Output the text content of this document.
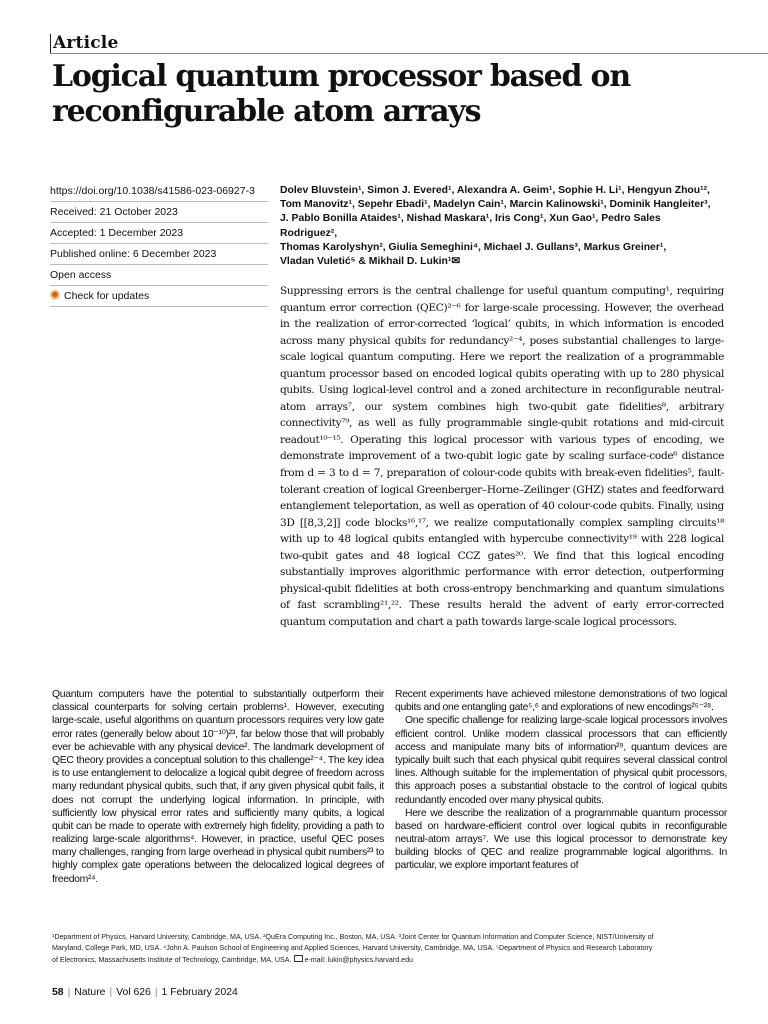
Article
Logical quantum processor based on
reconfigurable atom arrays
https://doi.org/10.1038/s41586-023-06927-3
Received: 21 October 2023
Accepted: 1 December 2023
Published online: 6 December 2023
Open access
Check for updates
Dolev Bluvstein¹, Simon J. Evered¹, Alexandra A. Geim¹, Sophie H. Li¹, Hengyun Zhou¹²,
Tom Manovitz¹, Sepehr Ebadi¹, Madelyn Cain¹, Marcin Kalinowski¹, Dominik Hangleiter³,
J. Pablo Bonilla Ataides¹, Nishad Maskara¹, Iris Cong¹, Xun Gao¹, Pedro Sales Rodriguez²,
Thomas Karolyshyn², Giulia Semeghini⁴, Michael J. Gullans³, Markus Greiner¹,
Vladan Vuletić⁵ & Mikhail D. Lukin¹✉

Suppressing errors is the central challenge for useful quantum computing¹, requiring quantum error correction (QEC)²⁻⁶ for large-scale processing. However, the overhead in the realization of error-corrected ‘logical’ qubits, in which information is encoded across many physical qubits for redundancy²⁻⁴, poses substantial challenges to large-scale logical quantum computing. Here we report the realization of a programmable quantum processor based on encoded logical qubits operating with up to 280 physical qubits. Using logical-level control and a zoned architecture in reconfigurable neutral-atom arrays⁷, our system combines high two-qubit gate fidelities⁸, arbitrary connectivity⁷⁹, as well as fully programmable single-qubit rotations and mid-circuit readout¹⁰⁻¹⁵. Operating this logical processor with various types of encoding, we demonstrate improvement of a two-qubit logic gate by scaling surface-code⁶ distance from d = 3 to d = 7, preparation of colour-code qubits with break-even fidelities⁵, fault-tolerant creation of logical Greenberger–Horne–Zeilinger (GHZ) states and feedforward entanglement teleportation, as well as operation of 40 colour-code qubits. Finally, using 3D [[8,3,2]] code blocks¹⁶,¹⁷, we realize computationally complex sampling circuits¹⁸ with up to 48 logical qubits entangled with hypercube connectivity¹⁹ with 228 logical two-qubit gates and 48 logical CCZ gates²⁰. We find that this logical encoding substantially improves algorithmic performance with error detection, outperforming physical-qubit fidelities at both cross-entropy benchmarking and quantum simulations of fast scrambling²¹,²². These results herald the advent of early error-corrected quantum computation and chart a path towards large-scale logical processors.

Quantum computers have the potential to substantially outperform their classical counterparts for solving certain problems¹. However, executing large-scale, useful algorithms on quantum processors requires very low gate error rates (generally below about 10⁻¹⁰)²³, far below those that will probably ever be achievable with any physical device². The landmark development of QEC theory provides a conceptual solution to this challenge²⁻⁴. The key idea is to use entanglement to delocalize a logical qubit degree of freedom across many redundant physical qubits, such that, if any given physical qubit fails, it does not corrupt the underlying logical information. In principle, with sufficiently low physical error rates and sufficiently many qubits, a logical qubit can be made to operate with extremely high fidelity, providing a path to realizing large-scale algorithms⁴. However, in practice, useful QEC poses many challenges, ranging from large overhead in physical qubit numbers²³ to highly complex gate operations between the delocalized logical degrees of freedom²⁴.

Recent experiments have achieved milestone demonstrations of two logical qubits and one entangling gate⁵,⁶ and explorations of new encodings²⁵⁻²⁸.

One specific challenge for realizing large-scale logical processors involves efficient control. Unlike modern classical processors that can efficiently access and manipulate many bits of information²⁹, quantum devices are typically built such that each physical qubit requires several classical control lines. Although suitable for the implementation of physical qubit processors, this approach poses a substantial obstacle to the control of logical qubits redundantly encoded over many physical qubits.

Here we describe the realization of a programmable quantum processor based on hardware-efficient control over logical qubits in reconfigurable neutral-atom arrays⁷. We use this logical processor to demonstrate key building blocks of QEC and realize programmable logical algorithms. In particular, we explore important features of

¹Department of Physics, Harvard University, Cambridge, MA, USA. ²QuEra Computing Inc., Boston, MA, USA. ³Joint Center for Quantum Information and Computer Science, NIST/University of
Maryland, College Park, MD, USA. ⁴John A. Paulson School of Engineering and Applied Sciences, Harvard University, Cambridge, MA, USA. ⁵Department of Physics and Research Laboratory
of Electronics, Massachusetts Institute of Technology, Cambridge, MA, USA. e-mail: lukin@physics.harvard.edu
58 | Nature | Vol 626 | 1 February 2024
